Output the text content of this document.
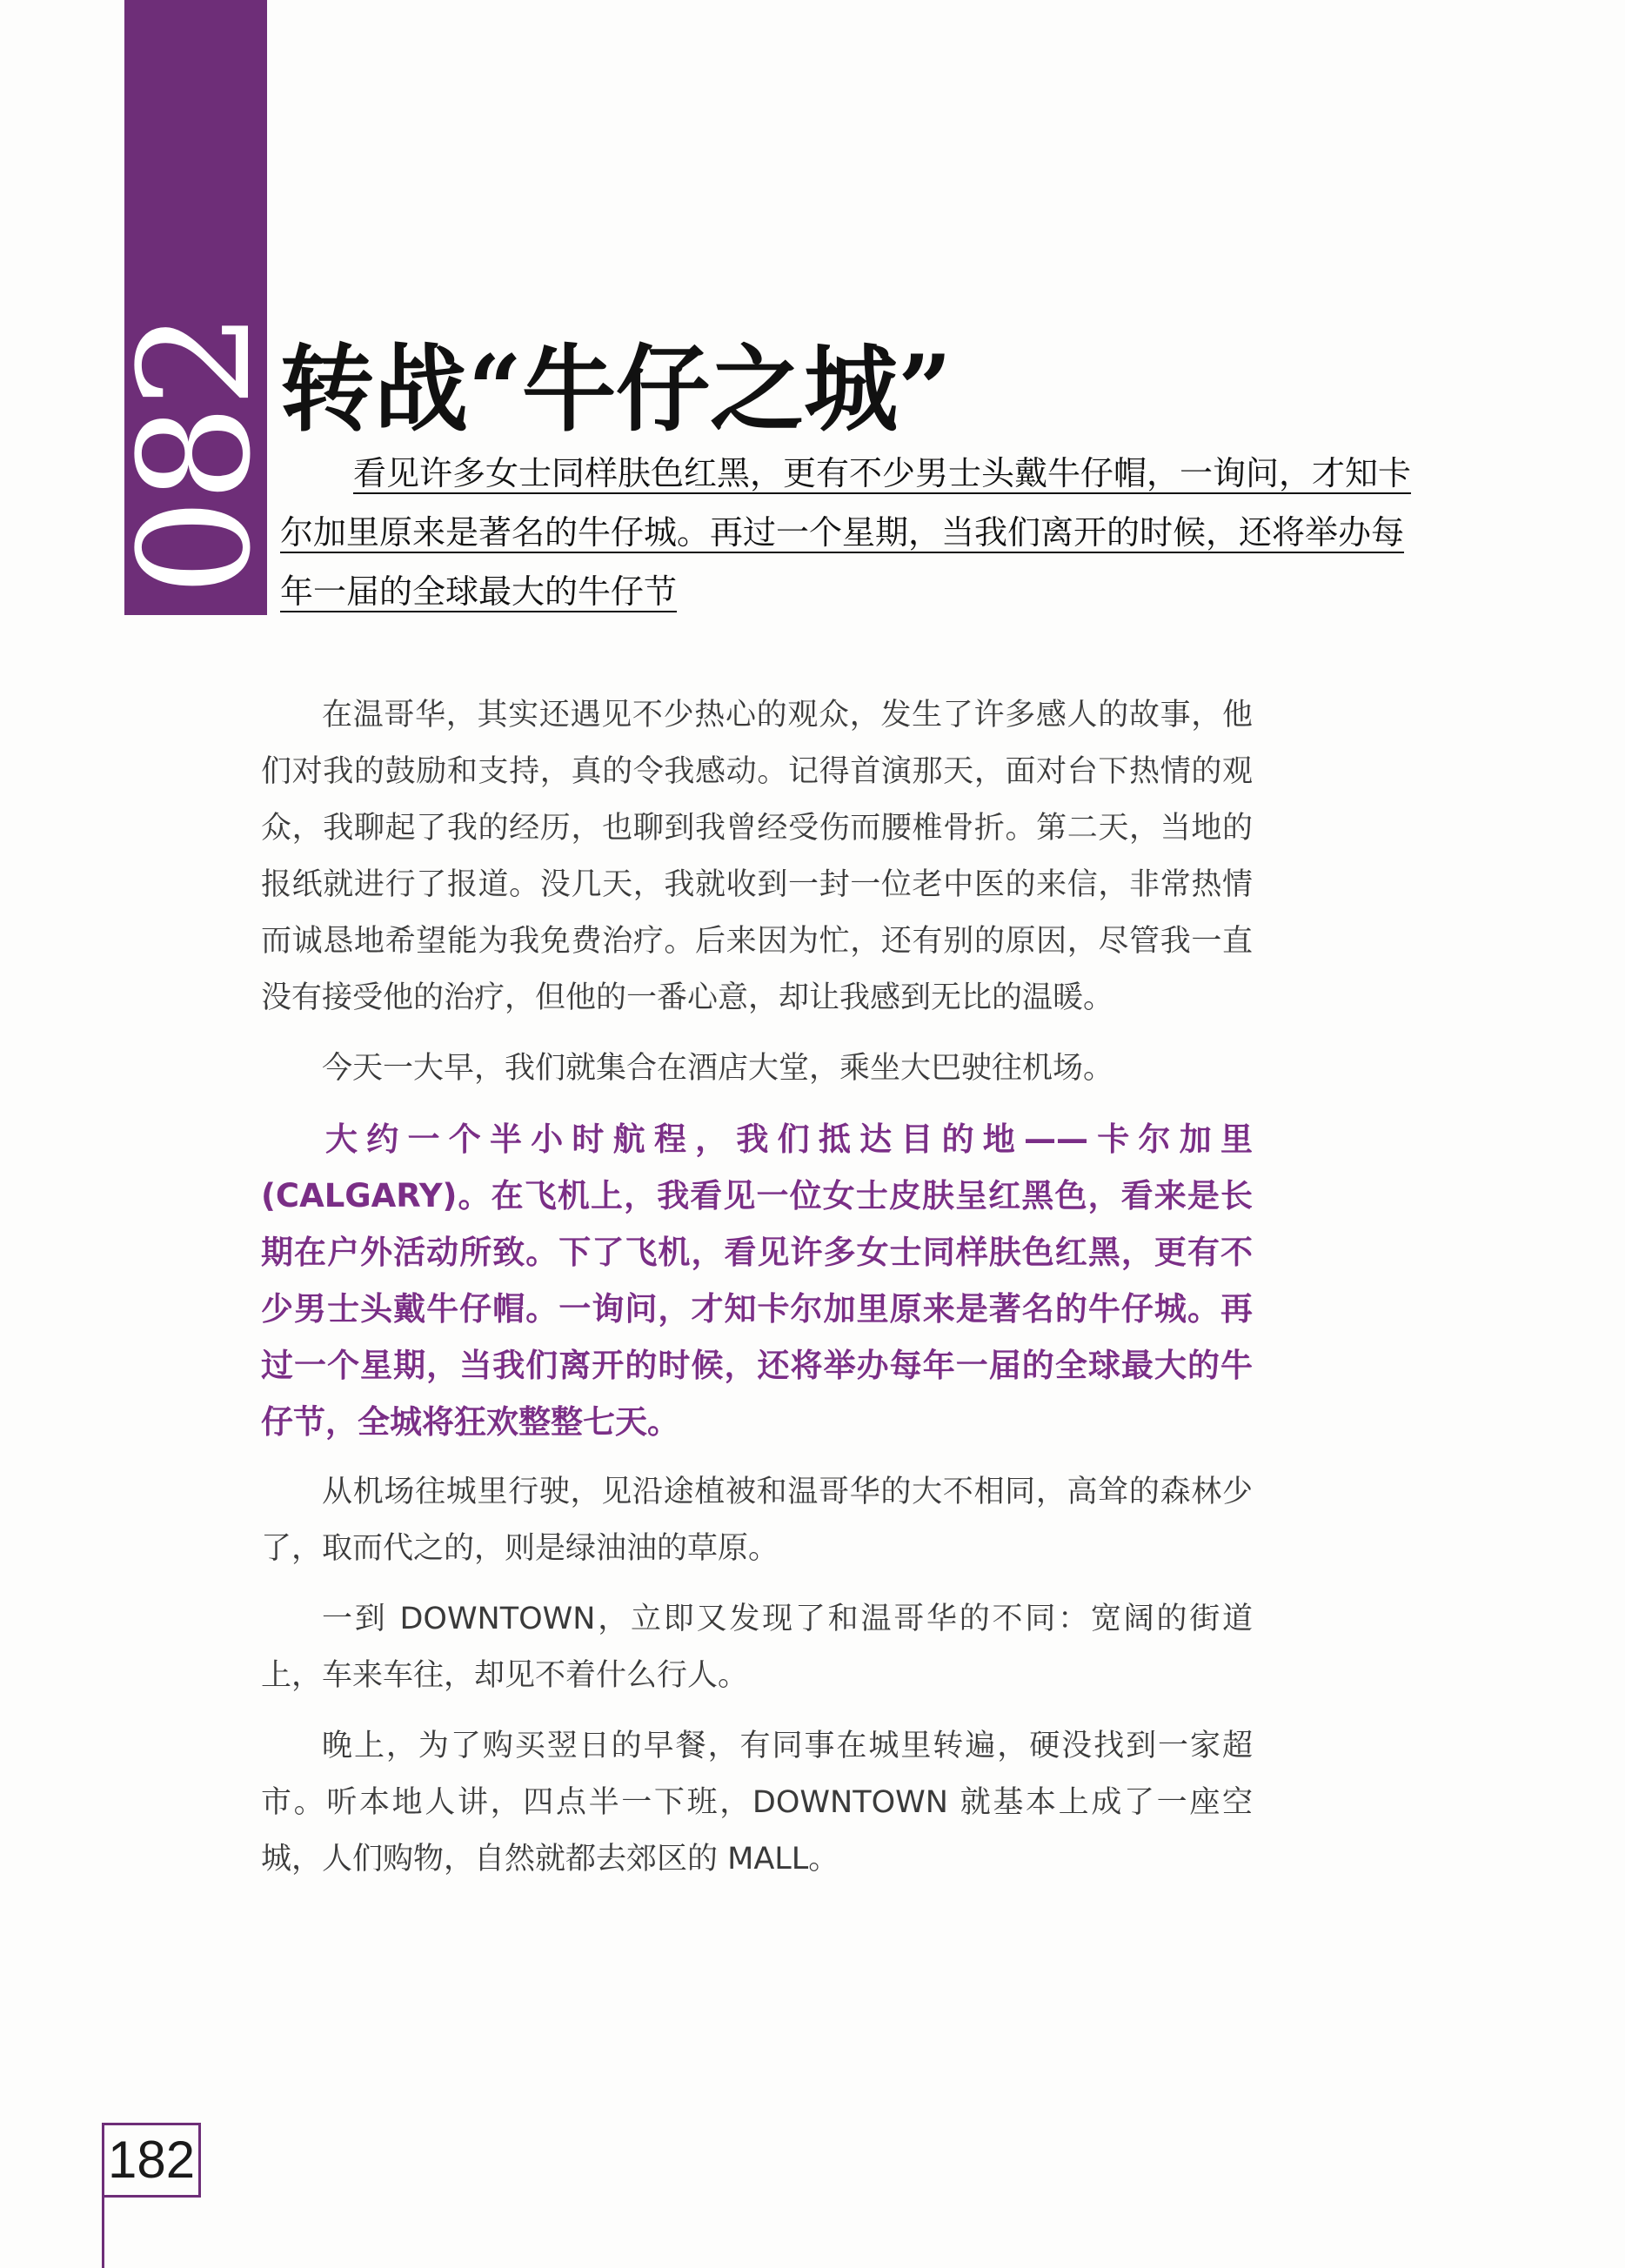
082
转战“牛仔之城”

看见许多女士同样肤色红黑，更有不少男士头戴牛仔帽，一询问，才知卡尔加里原来是著名的牛仔城。再过一个星期，当我们离开的时候，还将举办每年一届的全球最大的牛仔节

在温哥华，其实还遇见不少热心的观众，发生了许多感人的故事，他们对我的鼓励和支持，真的令我感动。记得首演那天，面对台下热情的观众，我聊起了我的经历，也聊到我曾经受伤而腰椎骨折。第二天，当地的报纸就进行了报道。没几天，我就收到一封一位老中医的来信，非常热情而诚恳地希望能为我免费治疗。后来因为忙，还有别的原因，尽管我一直没有接受他的治疗，但他的一番心意，却让我感到无比的温暖。

今天一大早，我们就集合在酒店大堂，乘坐大巴驶往机场。

大约一个半小时航程，我们抵达目的地——卡尔加里(CALGARY)。在飞机上，我看见一位女士皮肤呈红黑色，看来是长期在户外活动所致。下了飞机，看见许多女士同样肤色红黑，更有不少男士头戴牛仔帽。一询问，才知卡尔加里原来是著名的牛仔城。再过一个星期，当我们离开的时候，还将举办每年一届的全球最大的牛仔节，全城将狂欢整整七天。

从机场往城里行驶，见沿途植被和温哥华的大不相同，高耸的森林少了，取而代之的，则是绿油油的草原。

一到 DOWNTOWN，立即又发现了和温哥华的不同：宽阔的街道上，车来车往，却见不着什么行人。

晚上，为了购买翌日的早餐，有同事在城里转遍，硬没找到一家超市。听本地人讲，四点半一下班，DOWNTOWN 就基本上成了一座空城，人们购物，自然就都去郊区的 MALL。

182
